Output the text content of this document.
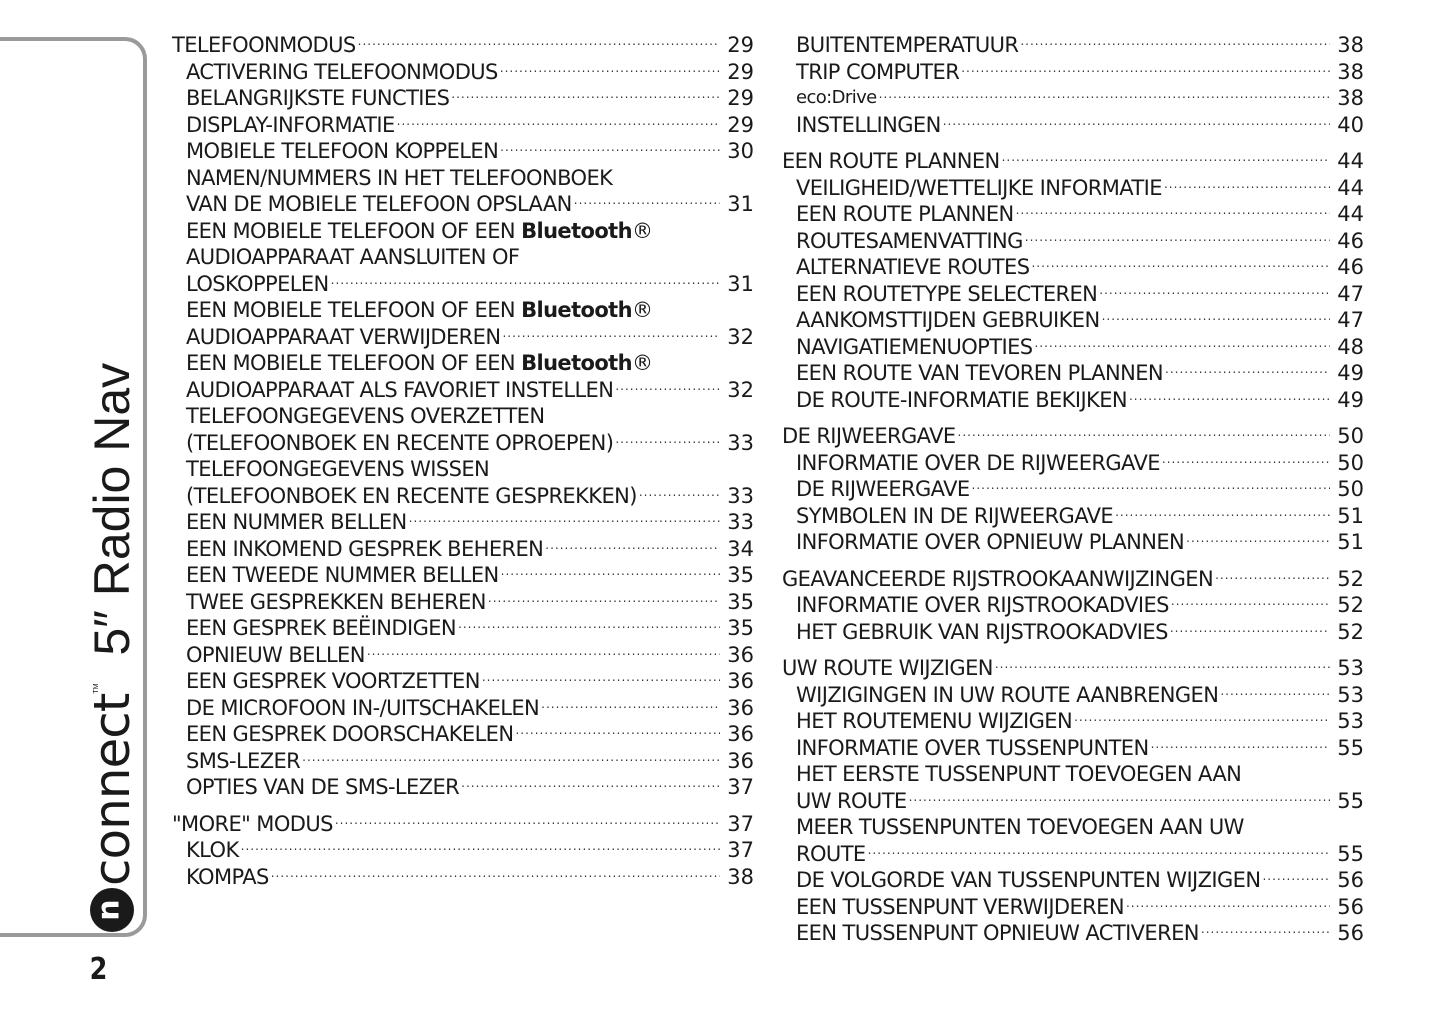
u
connect
TM
5″ Radio Nav
2
TELEFOONMODUS .....	29
ACTIVERING TELEFOONMODUS .....	29
BELANGRIJKSTE FUNCTIES .....	29
DISPLAY-INFORMATIE .....	29
MOBIELE TELEFOON KOPPELEN .....	30
NAMEN/NUMMERS IN HET TELEFOONBOEK
VAN DE MOBIELE TELEFOON OPSLAAN .....	31
EEN MOBIELE TELEFOON OF EEN Bluetooth®
AUDIOAPPARAAT AANSLUITEN OF
LOSKOPPELEN .....	31
EEN MOBIELE TELEFOON OF EEN Bluetooth®
AUDIOAPPARAAT VERWIJDEREN .....	32
EEN MOBIELE TELEFOON OF EEN Bluetooth®
AUDIOAPPARAAT ALS FAVORIET INSTELLEN .....	32
TELEFOONGEGEVENS OVERZETTEN
(TELEFOONBOEK EN RECENTE OPROEPEN) .....	33
TELEFOONGEGEVENS WISSEN
(TELEFOONBOEK EN RECENTE GESPREKKEN) .....	33
EEN NUMMER BELLEN .....	33
EEN INKOMEND GESPREK BEHEREN .....	34
EEN TWEEDE NUMMER BELLEN .....	35
TWEE GESPREKKEN BEHEREN .....	35
EEN GESPREK BEËINDIGEN .....	35
OPNIEUW BELLEN .....	36
EEN GESPREK VOORTZETTEN .....	36
DE MICROFOON IN-/UITSCHAKELEN .....	36
EEN GESPREK DOORSCHAKELEN .....	36
SMS-LEZER .....	36
OPTIES VAN DE SMS-LEZER .....	37
"MORE" MODUS .....	37
KLOK .....	37
KOMPAS .....	38
BUITENTEMPERATUUR .....	38
TRIP COMPUTER .....	38
eco:Drive .....	38
INSTELLINGEN .....	40
EEN ROUTE PLANNEN .....	44
VEILIGHEID/WETTELIJKE INFORMATIE .....	44
EEN ROUTE PLANNEN .....	44
ROUTESAMENVATTING .....	46
ALTERNATIEVE ROUTES .....	46
EEN ROUTETYPE SELECTEREN .....	47
AANKOMSTTIJDEN GEBRUIKEN .....	47
NAVIGATIEMENUOPTIES .....	48
EEN ROUTE VAN TEVOREN PLANNEN .....	49
DE ROUTE-INFORMATIE BEKIJKEN .....	49
DE RIJWEERGAVE .....	50
INFORMATIE OVER DE RIJWEERGAVE .....	50
DE RIJWEERGAVE .....	50
SYMBOLEN IN DE RIJWEERGAVE .....	51
INFORMATIE OVER OPNIEUW PLANNEN .....	51
GEAVANCEERDE RIJSTROOKAANWIJZINGEN .....	52
INFORMATIE OVER RIJSTROOKADVIES .....	52
HET GEBRUIK VAN RIJSTROOKADVIES .....	52
UW ROUTE WIJZIGEN .....	53
WIJZIGINGEN IN UW ROUTE AANBRENGEN .....	53
HET ROUTEMENU WIJZIGEN .....	53
INFORMATIE OVER TUSSENPUNTEN .....	55
HET EERSTE TUSSENPUNT TOEVOEGEN AAN
UW ROUTE .....	55
MEER TUSSENPUNTEN TOEVOEGEN AAN UW
ROUTE .....	55
DE VOLGORDE VAN TUSSENPUNTEN WIJZIGEN .....	56
EEN TUSSENPUNT VERWIJDEREN .....	56
EEN TUSSENPUNT OPNIEUW ACTIVEREN .....	56
